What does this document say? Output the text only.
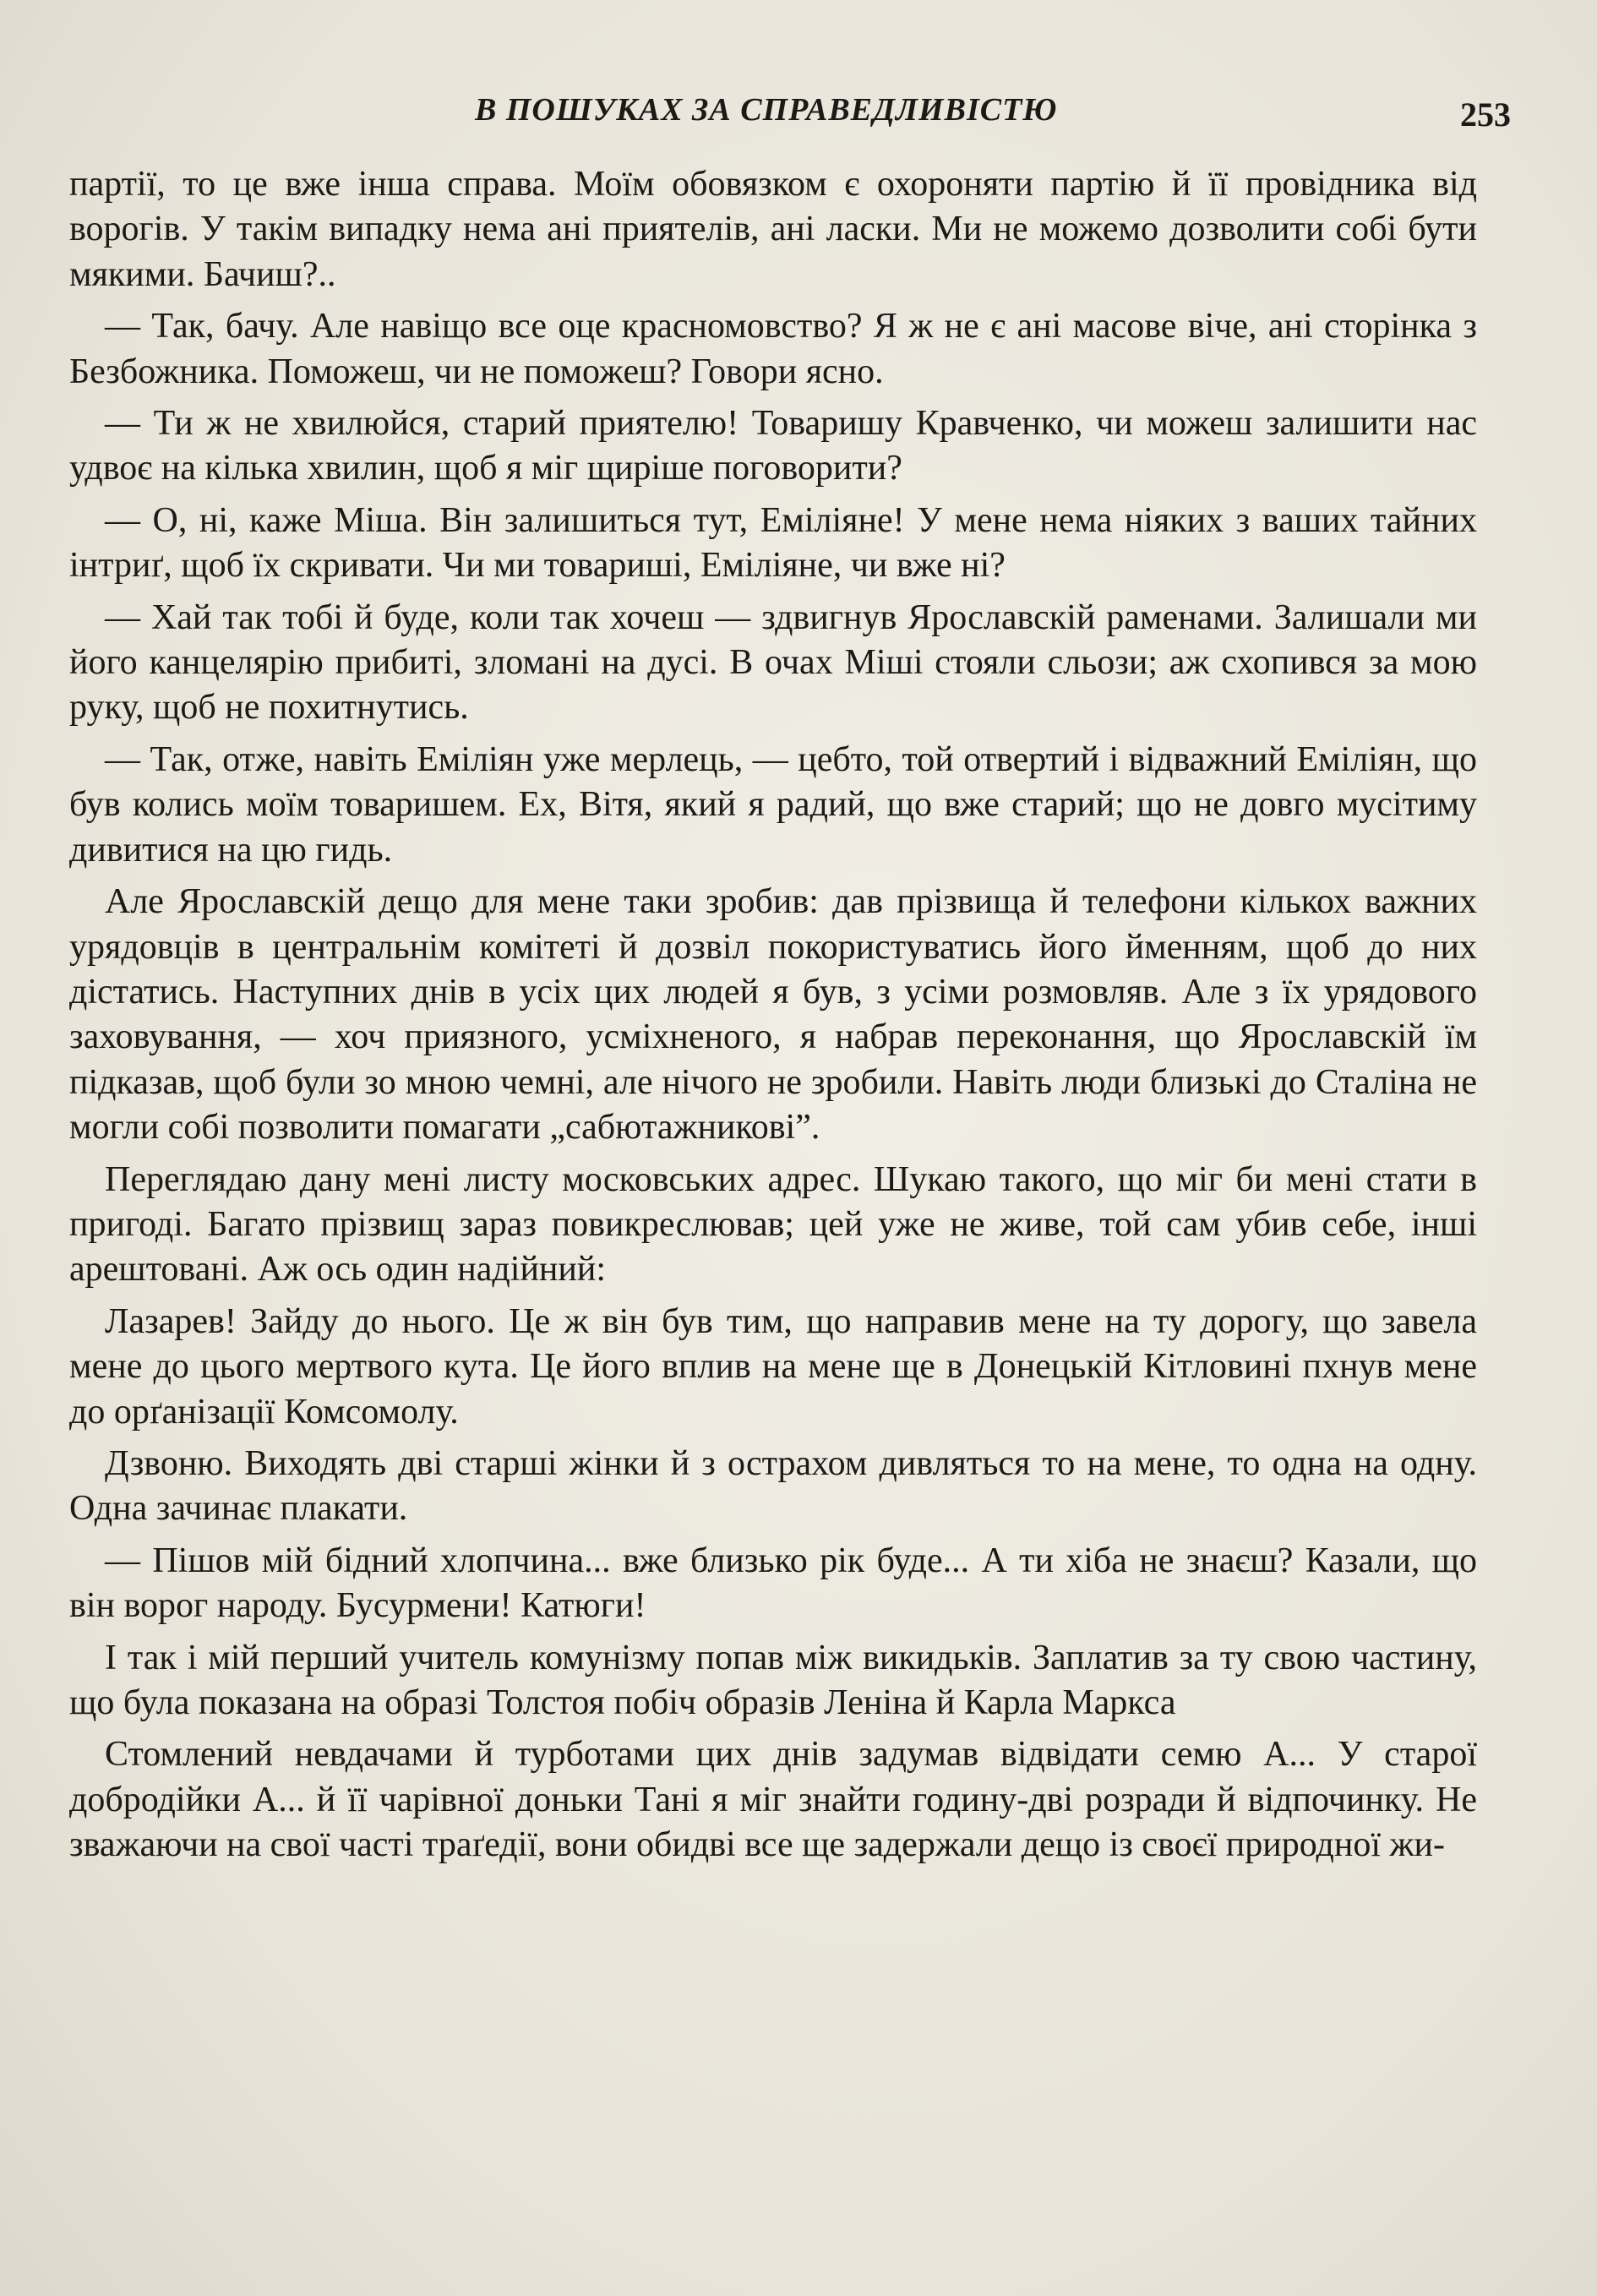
В ПОШУКАХ ЗА СПРАВЕДЛИВІСТЮ	253

партії, то це вже інша справа. Моїм обовязком є охороняти партію й її провідника від ворогів. У такім випадку нема ані приятелів, ані ласки. Ми не можемо дозволити собі бути мякими. Бачиш?..

— Так, бачу. Але навіщо все оце красномовство? Я ж не є ані масове віче, ані сторінка з Безбожника. Поможеш, чи не поможеш? Говори ясно.

— Ти ж не хвилюйся, старий приятелю! Товаришу Кравченко, чи можеш залишити нас удвоє на кілька хвилин, щоб я міг щиріше поговорити?

— О, ні, каже Міша. Він залишиться тут, Еміліяне! У мене нема ніяких з ваших тайних інтриґ, щоб їх скривати. Чи ми товариші, Еміліяне, чи вже ні?

— Хай так тобі й буде, коли так хочеш — здвигнув Ярославскій раменами. Залишали ми його канцелярію прибиті, зломані на дусі. В очах Міші стояли сльози; аж схопився за мою руку, щоб не похитнутись.

— Так, отже, навіть Еміліян уже мерлець, — цебто, той отвертий і відважний Еміліян, що був колись моїм товаришем. Ех, Вітя, який я радий, що вже старий; що не довго мусітиму дивитися на цю гидь.

Але Ярославскій дещо для мене таки зробив: дав прізвища й телефони кількох важних урядовців в центральнім комітеті й дозвіл покористуватись його йменням, щоб до них дістатись. Наступних днів в усіх цих людей я був, з усіми розмовляв. Але з їх урядового заховування, — хоч приязного, усміхненого, я набрав переконання, що Ярославскій їм підказав, щоб були зо мною чемні, але нічого не зробили. Навіть люди близькі до Сталіна не могли собі позволити помагати „сабютажникові”.

Переглядаю дану мені листу московських адрес. Шукаю такого, що міг би мені стати в пригоді. Багато прізвищ зараз повикреслював; цей уже не живе, той сам убив себе, інші арештовані. Аж ось один надійний:

Лазарев! Зайду до нього. Це ж він був тим, що направив мене на ту дорогу, що завела мене до цього мертвого кута. Це його вплив на мене ще в Донецькій Кітловині пхнув мене до орґанізації Комсомолу.

Дзвоню. Виходять дві старші жінки й з острахом дивляться то на мене, то одна на одну. Одна зачинає плакати.

— Пішов мій бідний хлопчина... вже близько рік буде... А ти хіба не знаєш? Казали, що він ворог народу. Бусурмени! Катюги!

І так і мій перший учитель комунізму попав між викидьків. Заплатив за ту свою частину, що була показана на образі Толстоя побіч образів Леніна й Карла Маркса

Стомлений невдачами й турботами цих днів задумав відвідати семю А... У старої добродійки А... й її чарівної доньки Тані я міг знайти годину-дві розради й відпочинку. Не зважаючи на свої часті траґедії, вони обидві все ще задержали дещо із своєї природної жи-
